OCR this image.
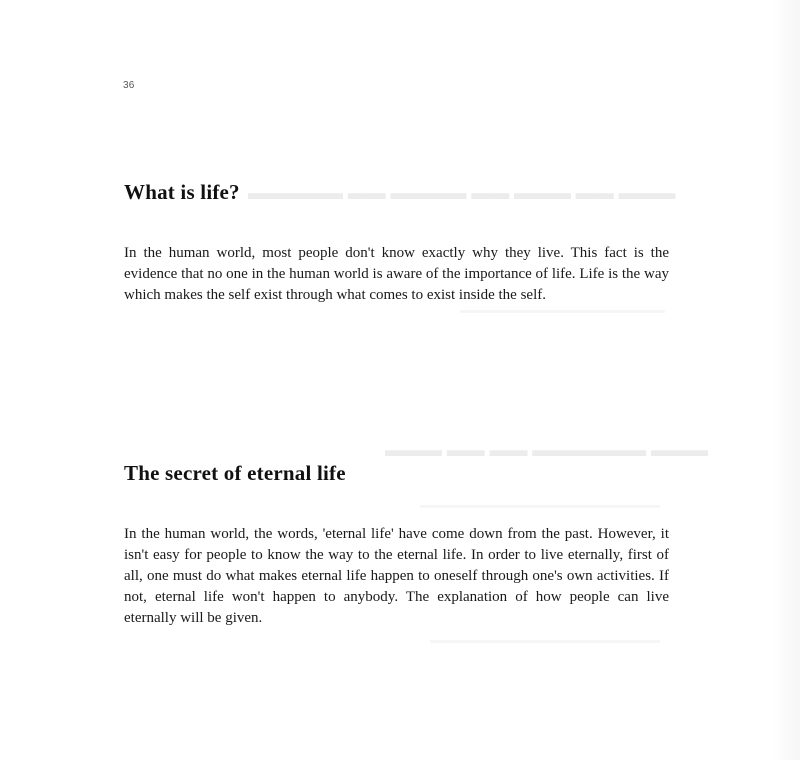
▬▬▬ ▬▬ ▬▬▬ ▬▬ ▬▬▬▬ ▬▬ ▬▬▬▬▬
▬▬▬ ▬▬▬▬▬▬ ▬▬ ▬▬ ▬▬▬
36
What is life?

In the human world, most people don't know exactly why they live. This fact is the evidence that no one in the human world is aware of the importance of life. Life is the way which makes the self exist through what comes to exist inside the self.

The secret of eternal life

In the human world, the words, 'eternal life' have come down from the past. However, it isn't easy for people to know the way to the eternal life. In order to live eternally, first of all, one must do what makes eternal life happen to oneself through one's own activities. If not, eternal life won't happen to anybody. The explanation of how people can live eternally will be given.
